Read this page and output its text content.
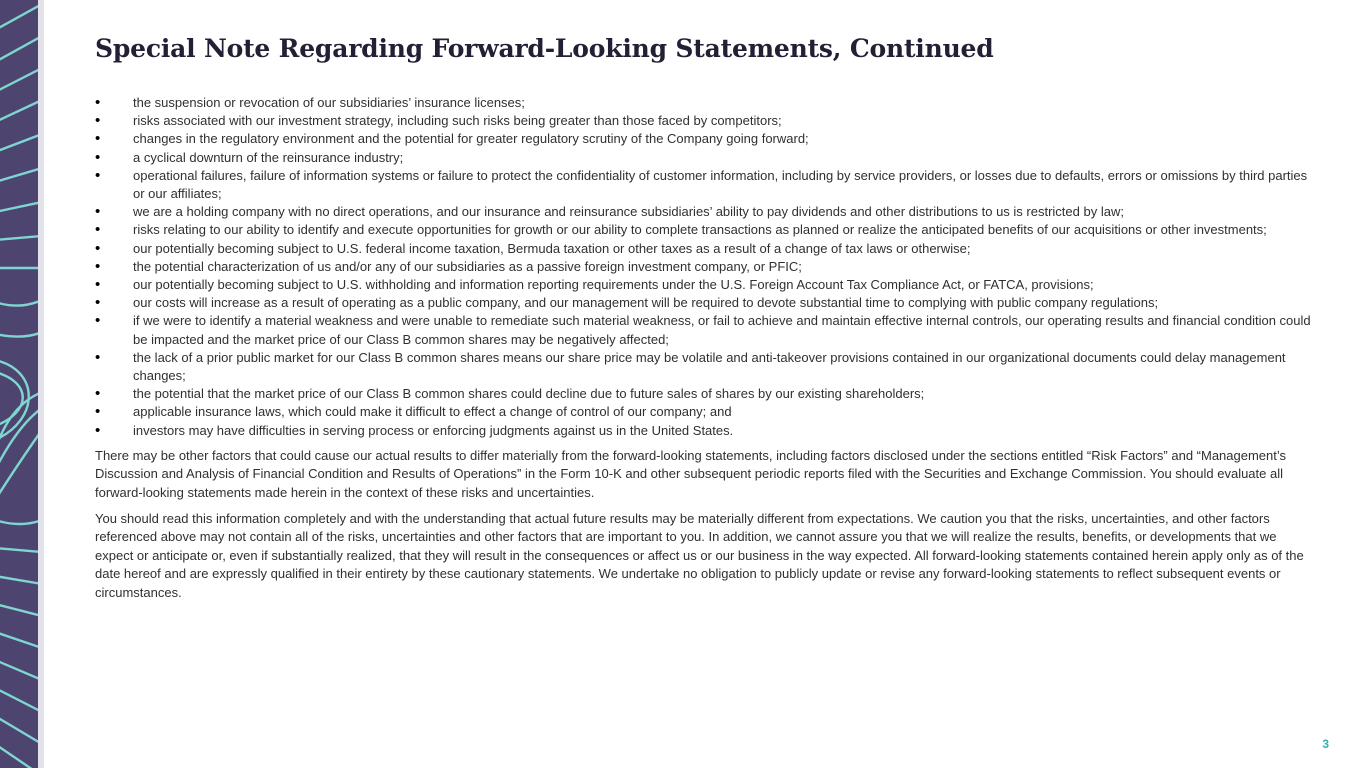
Special Note Regarding Forward-Looking Statements, Continued
• the suspension or revocation of our subsidiaries’ insurance licenses;
• risks associated with our investment strategy, including such risks being greater than those faced by competitors;
• changes in the regulatory environment and the potential for greater regulatory scrutiny of the Company going forward;
• a cyclical downturn of the reinsurance industry;
• operational failures, failure of information systems or failure to protect the confidentiality of customer information, including by service providers, or losses due to defaults, errors or omissions by third parties or our affiliates;
• we are a holding company with no direct operations, and our insurance and reinsurance subsidiaries’ ability to pay dividends and other distributions to us is restricted by law;
• risks relating to our ability to identify and execute opportunities for growth or our ability to complete transactions as planned or realize the anticipated benefits of our acquisitions or other investments;
• our potentially becoming subject to U.S. federal income taxation, Bermuda taxation or other taxes as a result of a change of tax laws or otherwise;
• the potential characterization of us and/or any of our subsidiaries as a passive foreign investment company, or PFIC;
• our potentially becoming subject to U.S. withholding and information reporting requirements under the U.S. Foreign Account Tax Compliance Act, or FATCA, provisions;
• our costs will increase as a result of operating as a public company, and our management will be required to devote substantial time to complying with public company regulations;
• if we were to identify a material weakness and were unable to remediate such material weakness, or fail to achieve and maintain effective internal controls, our operating results and financial condition could be impacted and the market price of our Class B common shares may be negatively affected;
• the lack of a prior public market for our Class B common shares means our share price may be volatile and anti-takeover provisions contained in our organizational documents could delay management changes;
• the potential that the market price of our Class B common shares could decline due to future sales of shares by our existing shareholders;
• applicable insurance laws, which could make it difficult to effect a change of control of our company; and
• investors may have difficulties in serving process or enforcing judgments against us in the United States.

There may be other factors that could cause our actual results to differ materially from the forward-looking statements, including factors disclosed under the sections entitled “Risk Factors” and “Management’s Discussion and Analysis of Financial Condition and Results of Operations” in the Form 10-K and other subsequent periodic reports filed with the Securities and Exchange Commission. You should evaluate all forward-looking statements made herein in the context of these risks and uncertainties.

You should read this information completely and with the understanding that actual future results may be materially different from expectations. We caution you that the risks, uncertainties, and other factors referenced above may not contain all of the risks, uncertainties and other factors that are important to you. In addition, we cannot assure you that we will realize the results, benefits, or developments that we expect or anticipate or, even if substantially realized, that they will result in the consequences or affect us or our business in the way expected. All forward-looking statements contained herein apply only as of the date hereof and are expressly qualified in their entirety by these cautionary statements. We undertake no obligation to publicly update or revise any forward-looking statements to reflect subsequent events or circumstances.

3
